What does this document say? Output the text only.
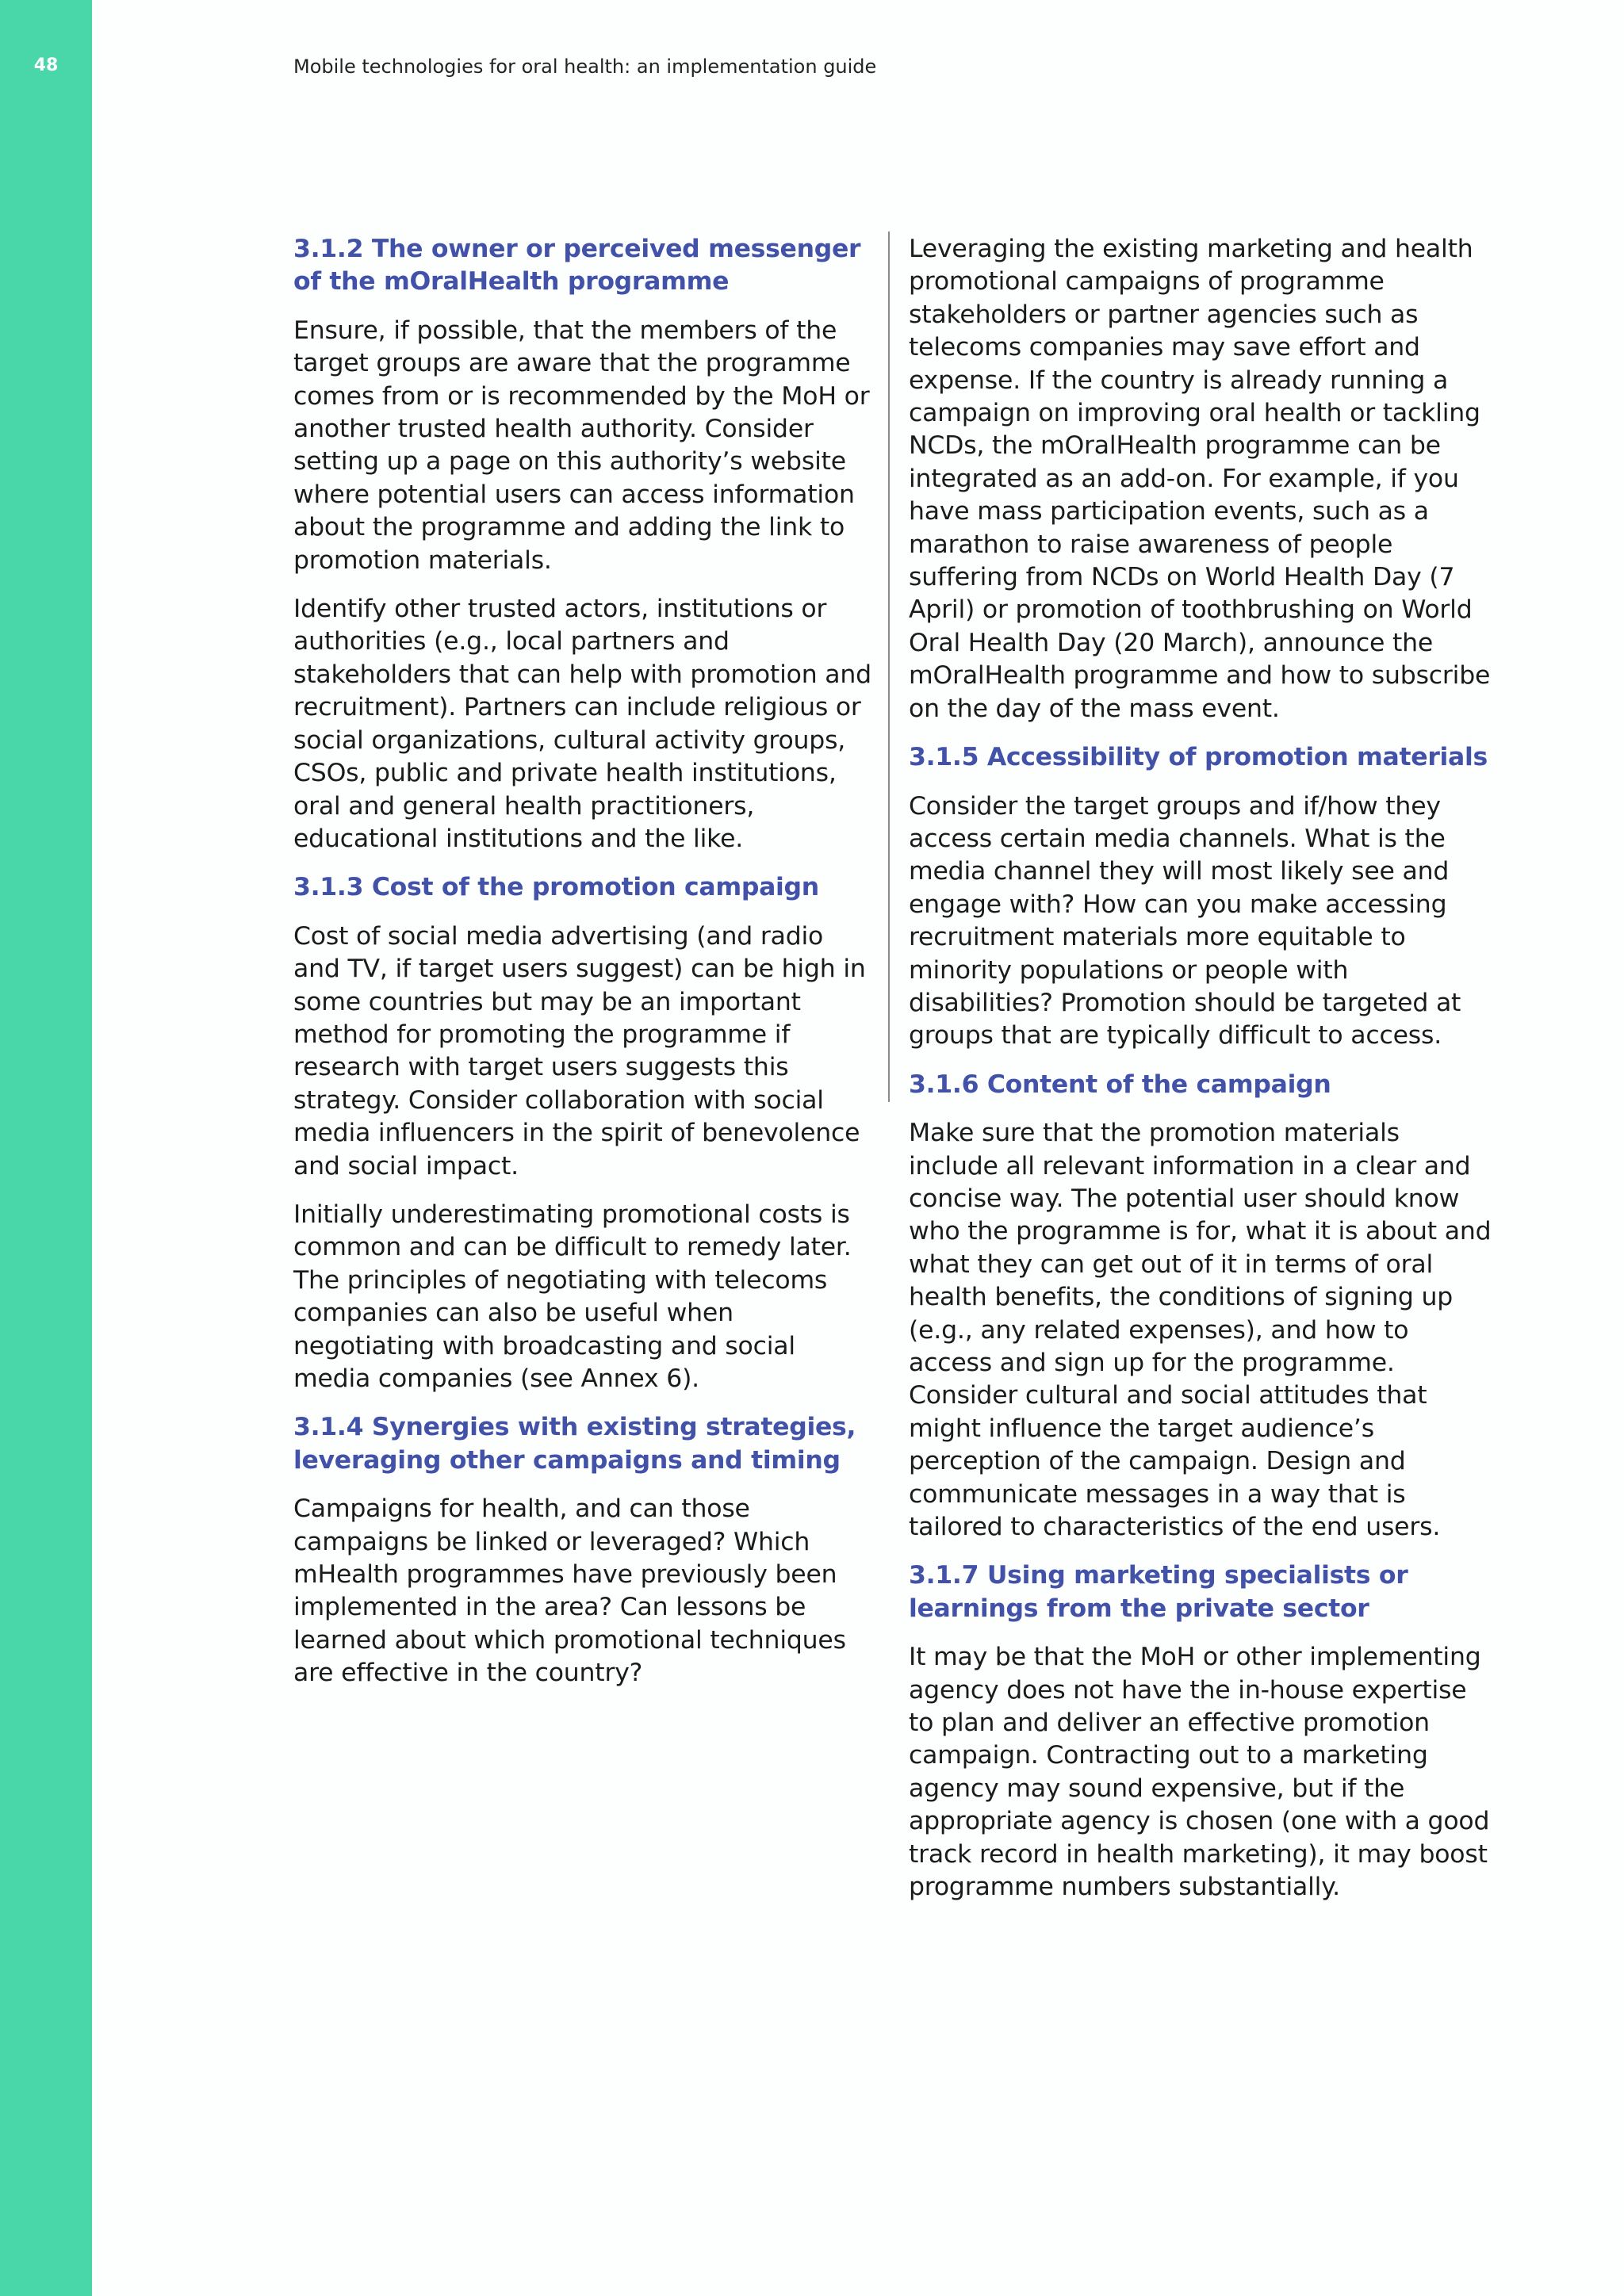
48	Mobile technologies for oral health: an implementation guide
3.1.2 The owner or perceived messenger of the mOralHealth programme

Ensure, if possible, that the members of the target groups are aware that the programme comes from or is recommended by the MoH or another trusted health authority. Consider setting up a page on this authority’s website where potential users can access information about the programme and adding the link to promotion materials.

Identify other trusted actors, institutions or authorities (e.g., local partners and stakeholders that can help with promotion and recruitment). Partners can include religious or social organizations, cultural activity groups, CSOs, public and private health institutions, oral and general health practitioners, educational institutions and the like.

3.1.3 Cost of the promotion campaign

Cost of social media advertising (and radio and TV, if target users suggest) can be high in some countries but may be an important method for promoting the programme if research with target users suggests this strategy. Consider collaboration with social media influencers in the spirit of benevolence and social impact.

Initially underestimating promotional costs is common and can be difficult to remedy later. The principles of negotiating with telecoms companies can also be useful when negotiating with broadcasting and social media companies (see Annex 6).

3.1.4 Synergies with existing strategies, leveraging other campaigns and timing

Campaigns for health, and can those campaigns be linked or leveraged? Which mHealth programmes have previously been implemented in the area? Can lessons be learned about which promotional techniques are effective in the country?

Leveraging the existing marketing and health promotional campaigns of programme stakeholders or partner agencies such as telecoms companies may save effort and expense. If the country is already running a campaign on improving oral health or tackling NCDs, the mOralHealth programme can be integrated as an add-on. For example, if you have mass participation events, such as a marathon to raise awareness of people suffering from NCDs on World Health Day (7 April) or promotion of toothbrushing on World Oral Health Day (20 March), announce the mOralHealth programme and how to subscribe on the day of the mass event.

3.1.5 Accessibility of promotion materials

Consider the target groups and if/how they access certain media channels. What is the media channel they will most likely see and engage with? How can you make accessing recruitment materials more equitable to minority populations or people with disabilities? Promotion should be targeted at groups that are typically difficult to access.

3.1.6 Content of the campaign

Make sure that the promotion materials include all relevant information in a clear and concise way. The potential user should know who the programme is for, what it is about and what they can get out of it in terms of oral health benefits, the conditions of signing up (e.g., any related expenses), and how to access and sign up for the programme. Consider cultural and social attitudes that might influence the target audience’s perception of the campaign. Design and communicate messages in a way that is tailored to characteristics of the end users.

3.1.7 Using marketing specialists or learnings from the private sector

It may be that the MoH or other implementing agency does not have the in-house expertise to plan and deliver an effective promotion campaign. Contracting out to a marketing agency may sound expensive, but if the appropriate agency is chosen (one with a good track record in health marketing), it may boost programme numbers substantially.
